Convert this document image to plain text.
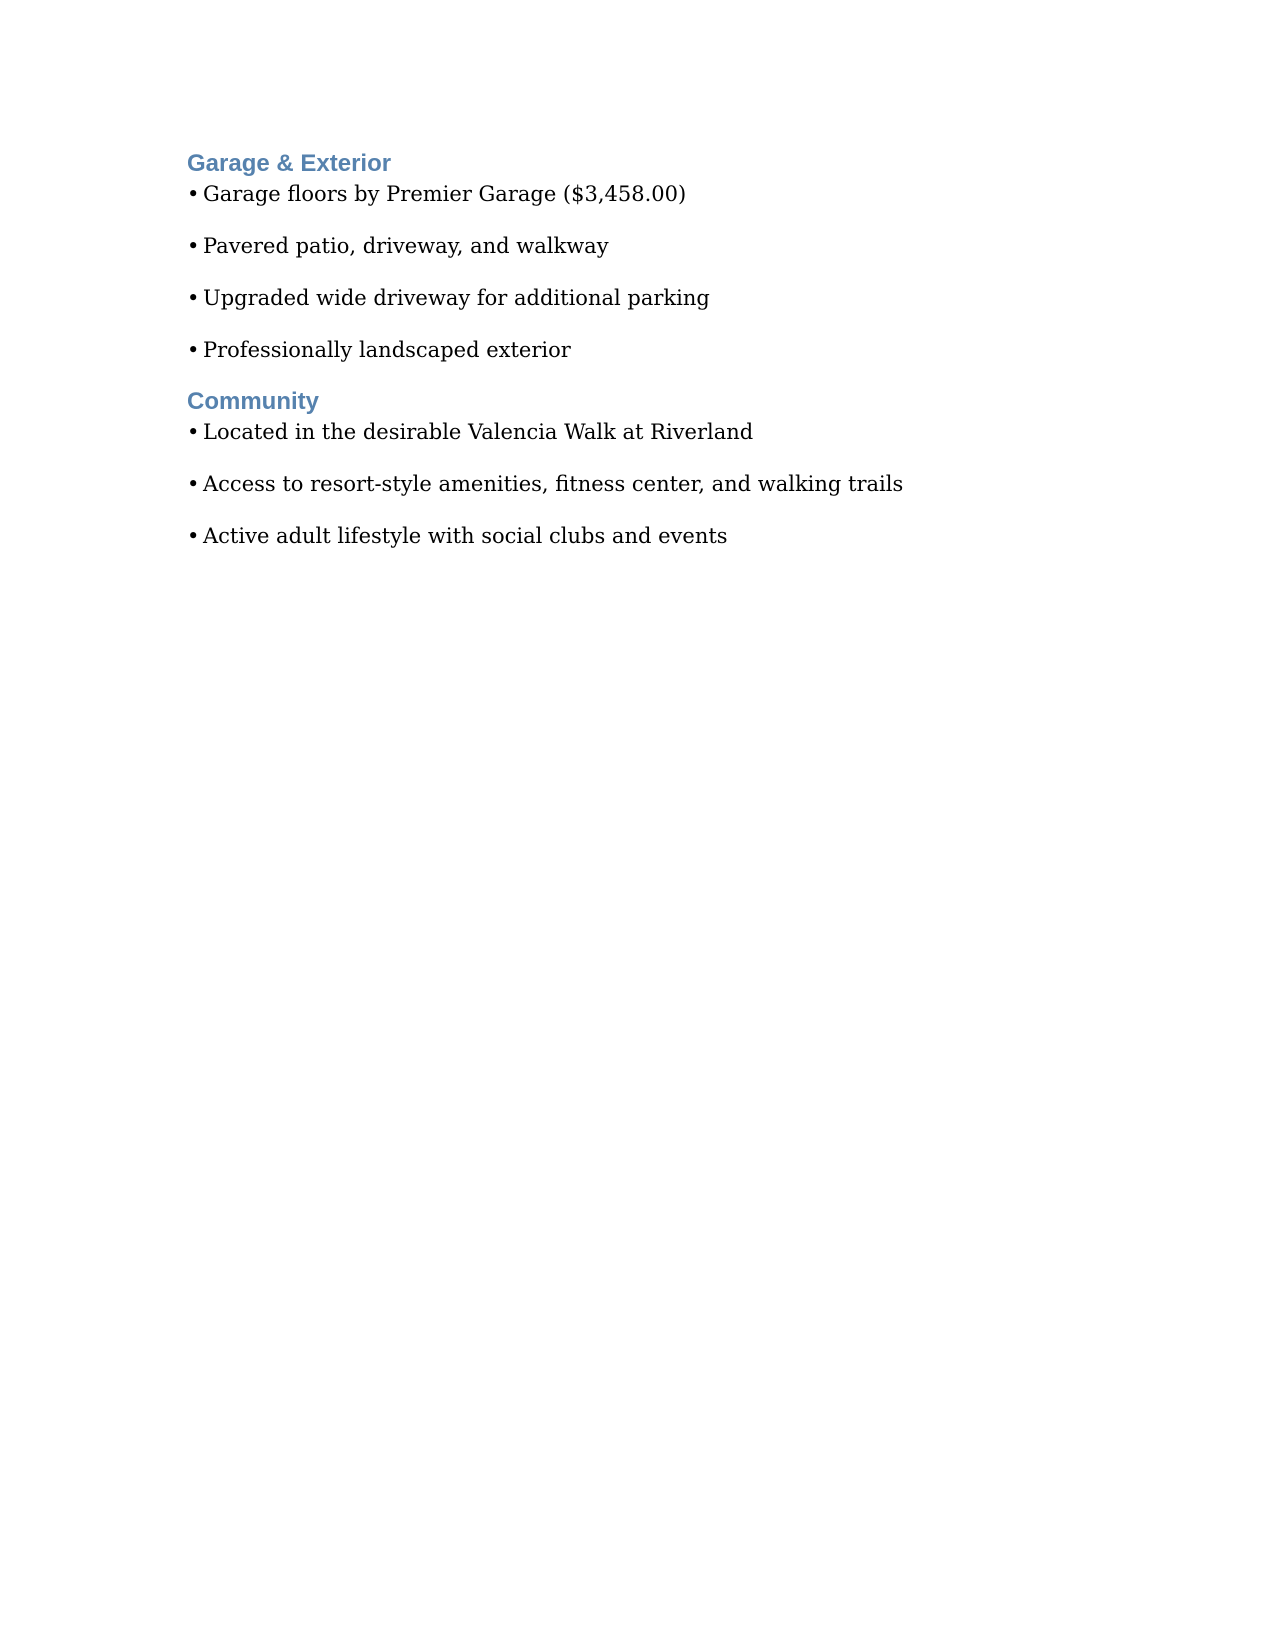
Garage & Exterior
• Garage floors by Premier Garage ($3,458.00)
• Pavered patio, driveway, and walkway
• Upgraded wide driveway for additional parking
• Professionally landscaped exterior
Community
• Located in the desirable Valencia Walk at Riverland
• Access to resort-style amenities, fitness center, and walking trails
• Active adult lifestyle with social clubs and events
